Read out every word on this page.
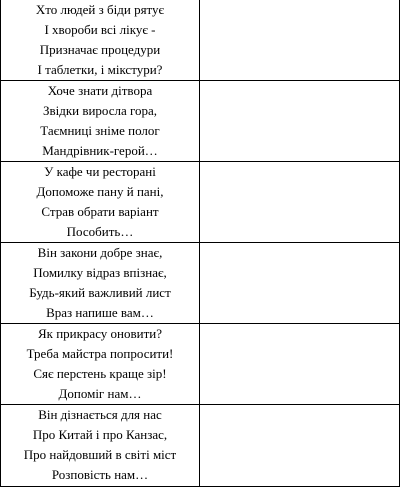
Хто людей з біди рятує
І хвороби всі лікує -
Призначає процедури
І таблетки, і мікстури?	

Хоче знати дітвора
Звідки виросла гора,
Таємниці зніме полог
Мандрівник-герой…	

У кафе чи ресторані
Допоможе пану й пані,
Страв обрати варіант
Пособить…	

Він закони добре знає,
Помилку відраз впізнає,
Будь-який важливий лист
Враз напише вам…	

Як прикрасу оновити?
Треба майстра попросити!
Сяє перстень краще зір!
Допоміг нам…	

Він дізнається для нас
Про Китай і про Канзас,
Про найдовший в світі міст
Розповість нам…	
